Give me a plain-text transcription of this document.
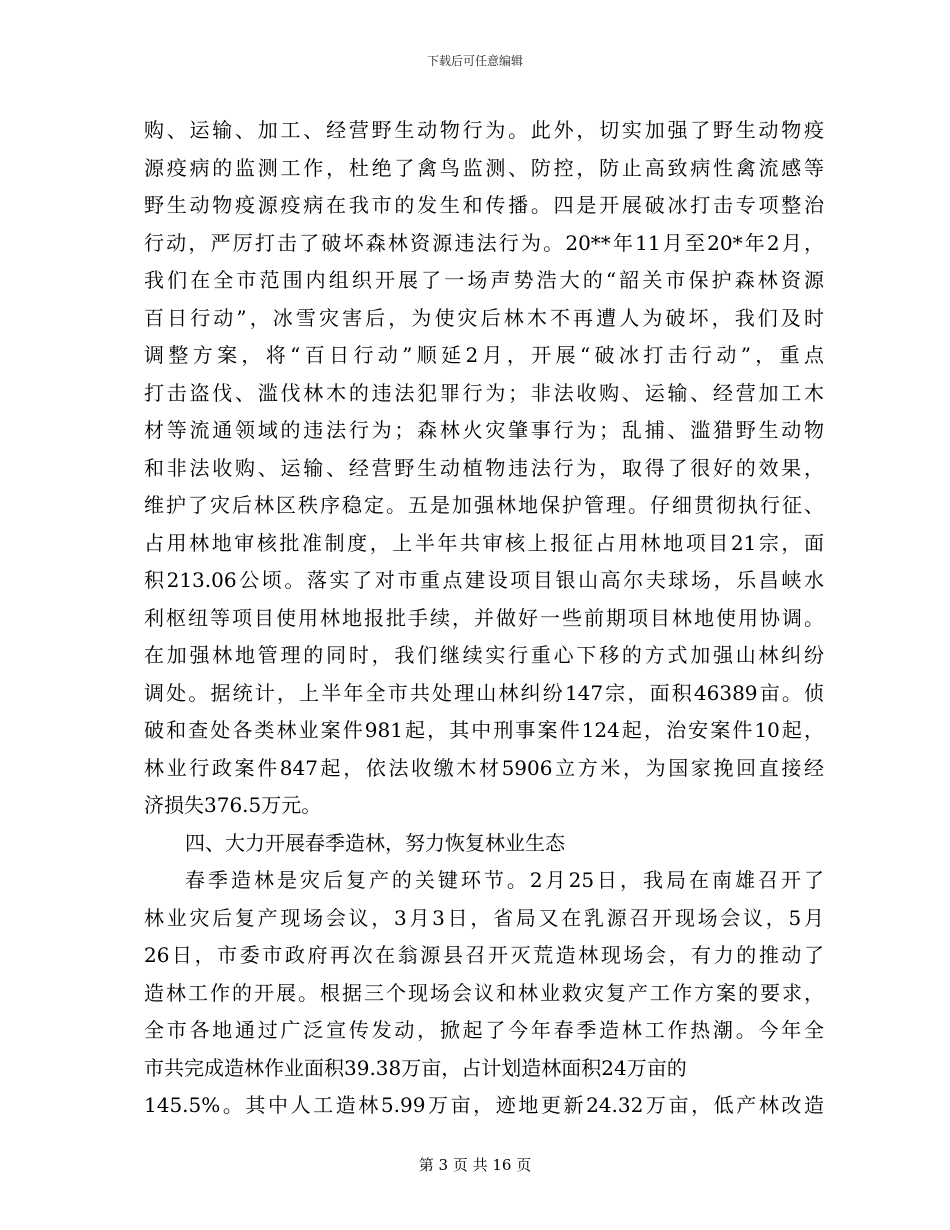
下载后可任意编辑
购、运输、加工、经营野生动物行为。此外，切实加强了野生动物疫
源疫病的监测工作，杜绝了禽鸟监测、防控，防止高致病性禽流感等
野生动物疫源疫病在我市的发生和传播。四是开展破冰打击专项整治
行动，严厉打击了破坏森林资源违法行为。20**年11月至20*年2月，
我们在全市范围内组织开展了一场声势浩大的“韶关市保护森林资源
百日行动”，冰雪灾害后，为使灾后林木不再遭人为破坏，我们及时
调整方案，将“百日行动”顺延2月，开展“破冰打击行动”，重点
打击盗伐、滥伐林木的违法犯罪行为；非法收购、运输、经营加工木
材等流通领域的违法行为；森林火灾肇事行为；乱捕、滥猎野生动物
和非法收购、运输、经营野生动植物违法行为，取得了很好的效果，
维护了灾后林区秩序稳定。五是加强林地保护管理。仔细贯彻执行征、
占用林地审核批准制度，上半年共审核上报征占用林地项目21宗，面
积213.06公顷。落实了对市重点建设项目银山高尔夫球场，乐昌峡水
利枢纽等项目使用林地报批手续，并做好一些前期项目林地使用协调。
在加强林地管理的同时，我们继续实行重心下移的方式加强山林纠纷
调处。据统计，上半年全市共处理山林纠纷147宗，面积46389亩。侦
破和查处各类林业案件981起，其中刑事案件124起，治安案件10起，
林业行政案件847起，依法收缴木材5906立方米，为国家挽回直接经
济损失376.5万元。
四、大力开展春季造林，努力恢复林业生态
春季造林是灾后复产的关键环节。2月25日，我局在南雄召开了
林业灾后复产现场会议，3月3日，省局又在乳源召开现场会议，5月
26日，市委市政府再次在翁源县召开灭荒造林现场会，有力的推动了
造林工作的开展。根据三个现场会议和林业救灾复产工作方案的要求，
全市各地通过广泛宣传发动，掀起了今年春季造林工作热潮。今年全
市共完成造林作业面积39.38万亩，占计划造林面积24万亩的
145.5%。其中人工造林5.99万亩，迹地更新24.32万亩，低产林改造
第 3 页 共 16 页
